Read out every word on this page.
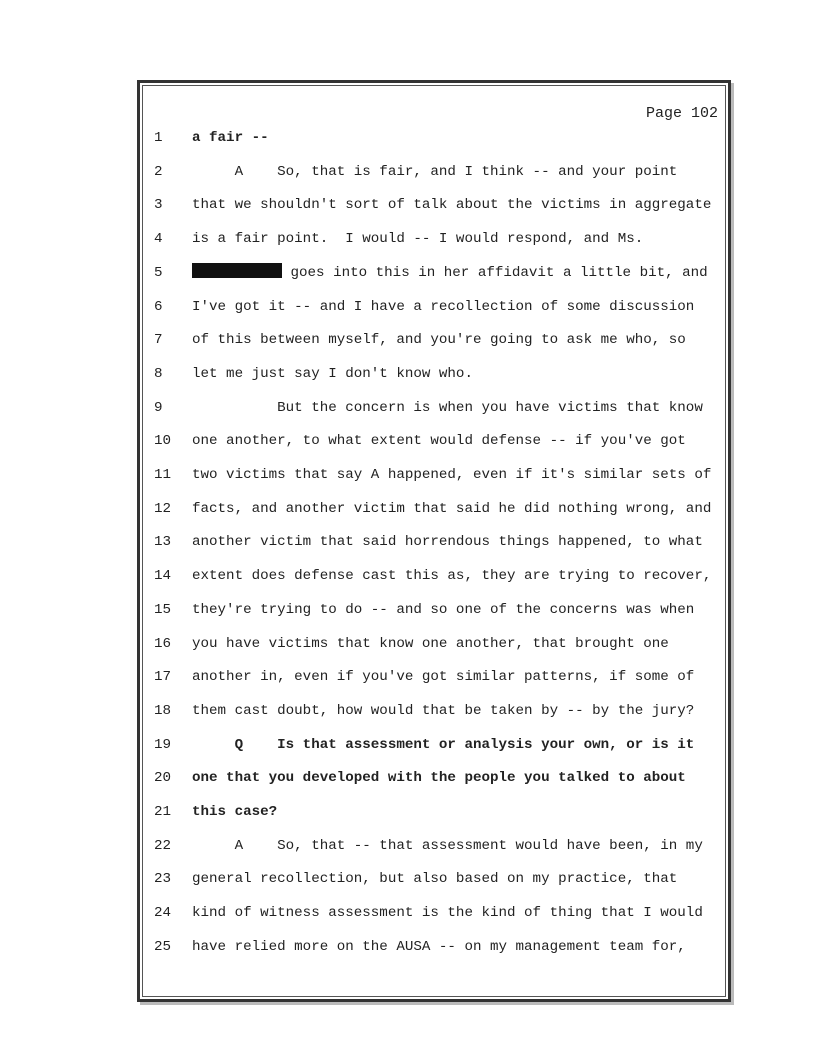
Page 102
1	a fair --
2	A    So, that is fair, and I think -- and your point
3	that we shouldn't sort of talk about the victims in aggregate
4	is a fair point.  I would -- I would respond, and Ms.
5	goes into this in her affidavit a little bit, and
6	I've got it -- and I have a recollection of some discussion
7	of this between myself, and you're going to ask me who, so
8	let me just say I don't know who.
9	But the concern is when you have victims that know
10	one another, to what extent would defense -- if you've got
11	two victims that say A happened, even if it's similar sets of
12	facts, and another victim that said he did nothing wrong, and
13	another victim that said horrendous things happened, to what
14	extent does defense cast this as, they are trying to recover,
15	they're trying to do -- and so one of the concerns was when
16	you have victims that know one another, that brought one
17	another in, even if you've got similar patterns, if some of
18	them cast doubt, how would that be taken by -- by the jury?
19	Q    Is that assessment or analysis your own, or is it
20	one that you developed with the people you talked to about
21	this case?
22	A    So, that -- that assessment would have been, in my
23	general recollection, but also based on my practice, that
24	kind of witness assessment is the kind of thing that I would
25	have relied more on the AUSA -- on my management team for,
